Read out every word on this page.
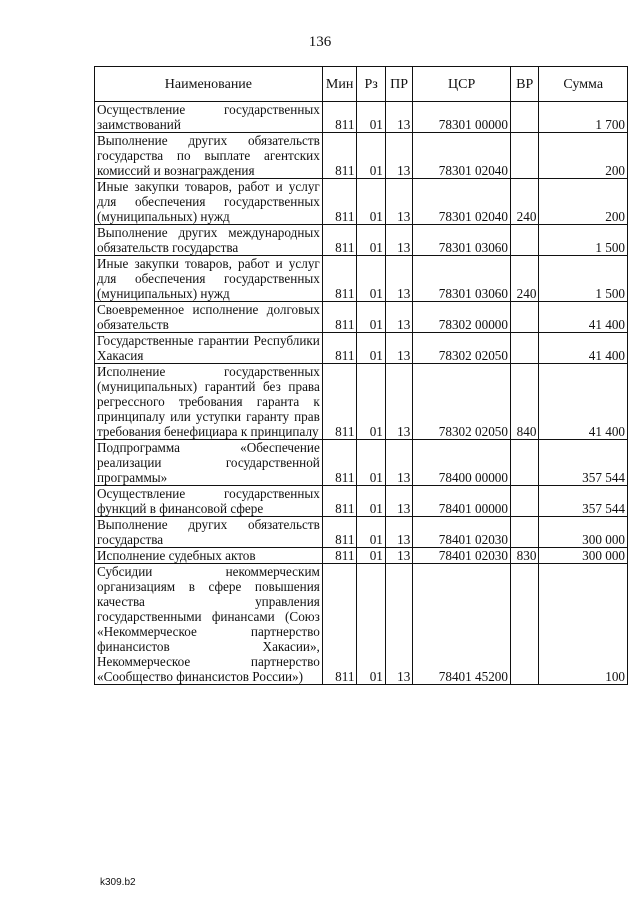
136
Наименование	Мин	Рз	ПР	ЦСР	ВР	Сумма
Осуществление государственных заимствований	811	01	13	78301 00000		1 700
Выполнение других обязательств государства по выплате агентских комиссий и вознаграждения	811	01	13	78301 02040		200
Иные закупки товаров, работ и услуг для обеспечения государственных (муниципальных) нужд	811	01	13	78301 02040	240	200
Выполнение других международных обязательств государства	811	01	13	78301 03060		1 500
Иные закупки товаров, работ и услуг для обеспечения государственных (муниципальных) нужд	811	01	13	78301 03060	240	1 500
Своевременное исполнение долговых обязательств	811	01	13	78302 00000		41 400
Государственные гарантии Республики Хакасия	811	01	13	78302 02050		41 400
Исполнение государственных (муниципальных) гарантий без права регрессного требования гаранта к принципалу или уступки гаранту прав требования бенефициара к принципалу	811	01	13	78302 02050	840	41 400
Подпрограмма «Обеспечение реализации государственной программы»	811	01	13	78400 00000		357 544
Осуществление государственных функций в финансовой сфере	811	01	13	78401 00000		357 544
Выполнение других обязательств государства	811	01	13	78401 02030		300 000
Исполнение судебных актов	811	01	13	78401 02030	830	300 000
Субсидии некоммерческим организациям в сфере повышения качества управления государственными финансами (Союз «Некоммерческое партнерство финансистов Хакасии», Некоммерческое партнерство «Сообщество финансистов России»)	811	01	13	78401 45200		100
k309.b2
